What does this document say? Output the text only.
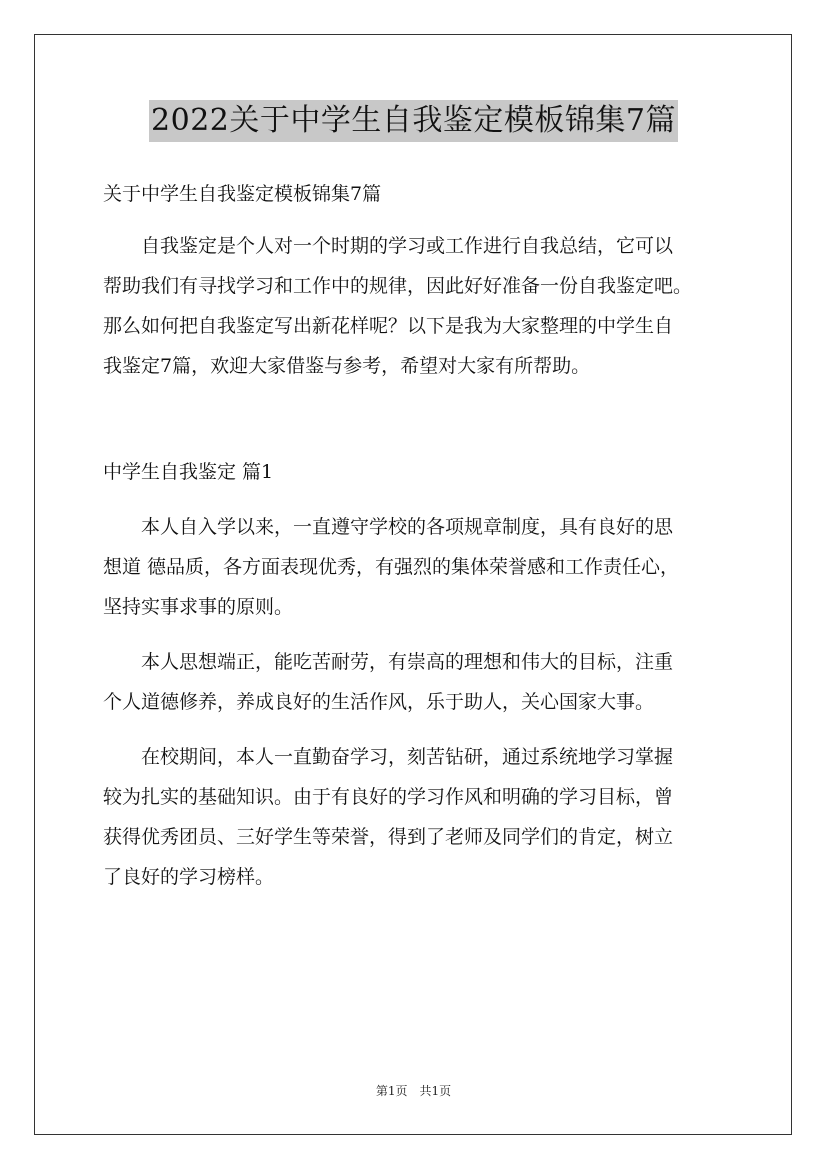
2022关于中学生自我鉴定模板锦集7篇
关于中学生自我鉴定模板锦集7篇
　　自我鉴定是个人对一个时期的学习或工作进行自我总结，它可以
帮助我们有寻找学习和工作中的规律，因此好好准备一份自我鉴定吧。
那么如何把自我鉴定写出新花样呢？以下是我为大家整理的中学生自
我鉴定7篇，欢迎大家借鉴与参考，希望对大家有所帮助。
中学生自我鉴定 篇1
　　本人自入学以来，一直遵守学校的各项规章制度，具有良好的思
想道 德品质，各方面表现优秀，有强烈的集体荣誉感和工作责任心，
坚持实事求事的原则。
　　本人思想端正，能吃苦耐劳，有崇高的理想和伟大的目标，注重
个人道德修养，养成良好的生活作风，乐于助人，关心国家大事。
　　在校期间，本人一直勤奋学习，刻苦钻研，通过系统地学习掌握
较为扎实的基础知识。由于有良好的学习作风和明确的学习目标，曾
获得优秀团员、三好学生等荣誉，得到了老师及同学们的肯定，树立
了良好的学习榜样。
第1页　共1页
